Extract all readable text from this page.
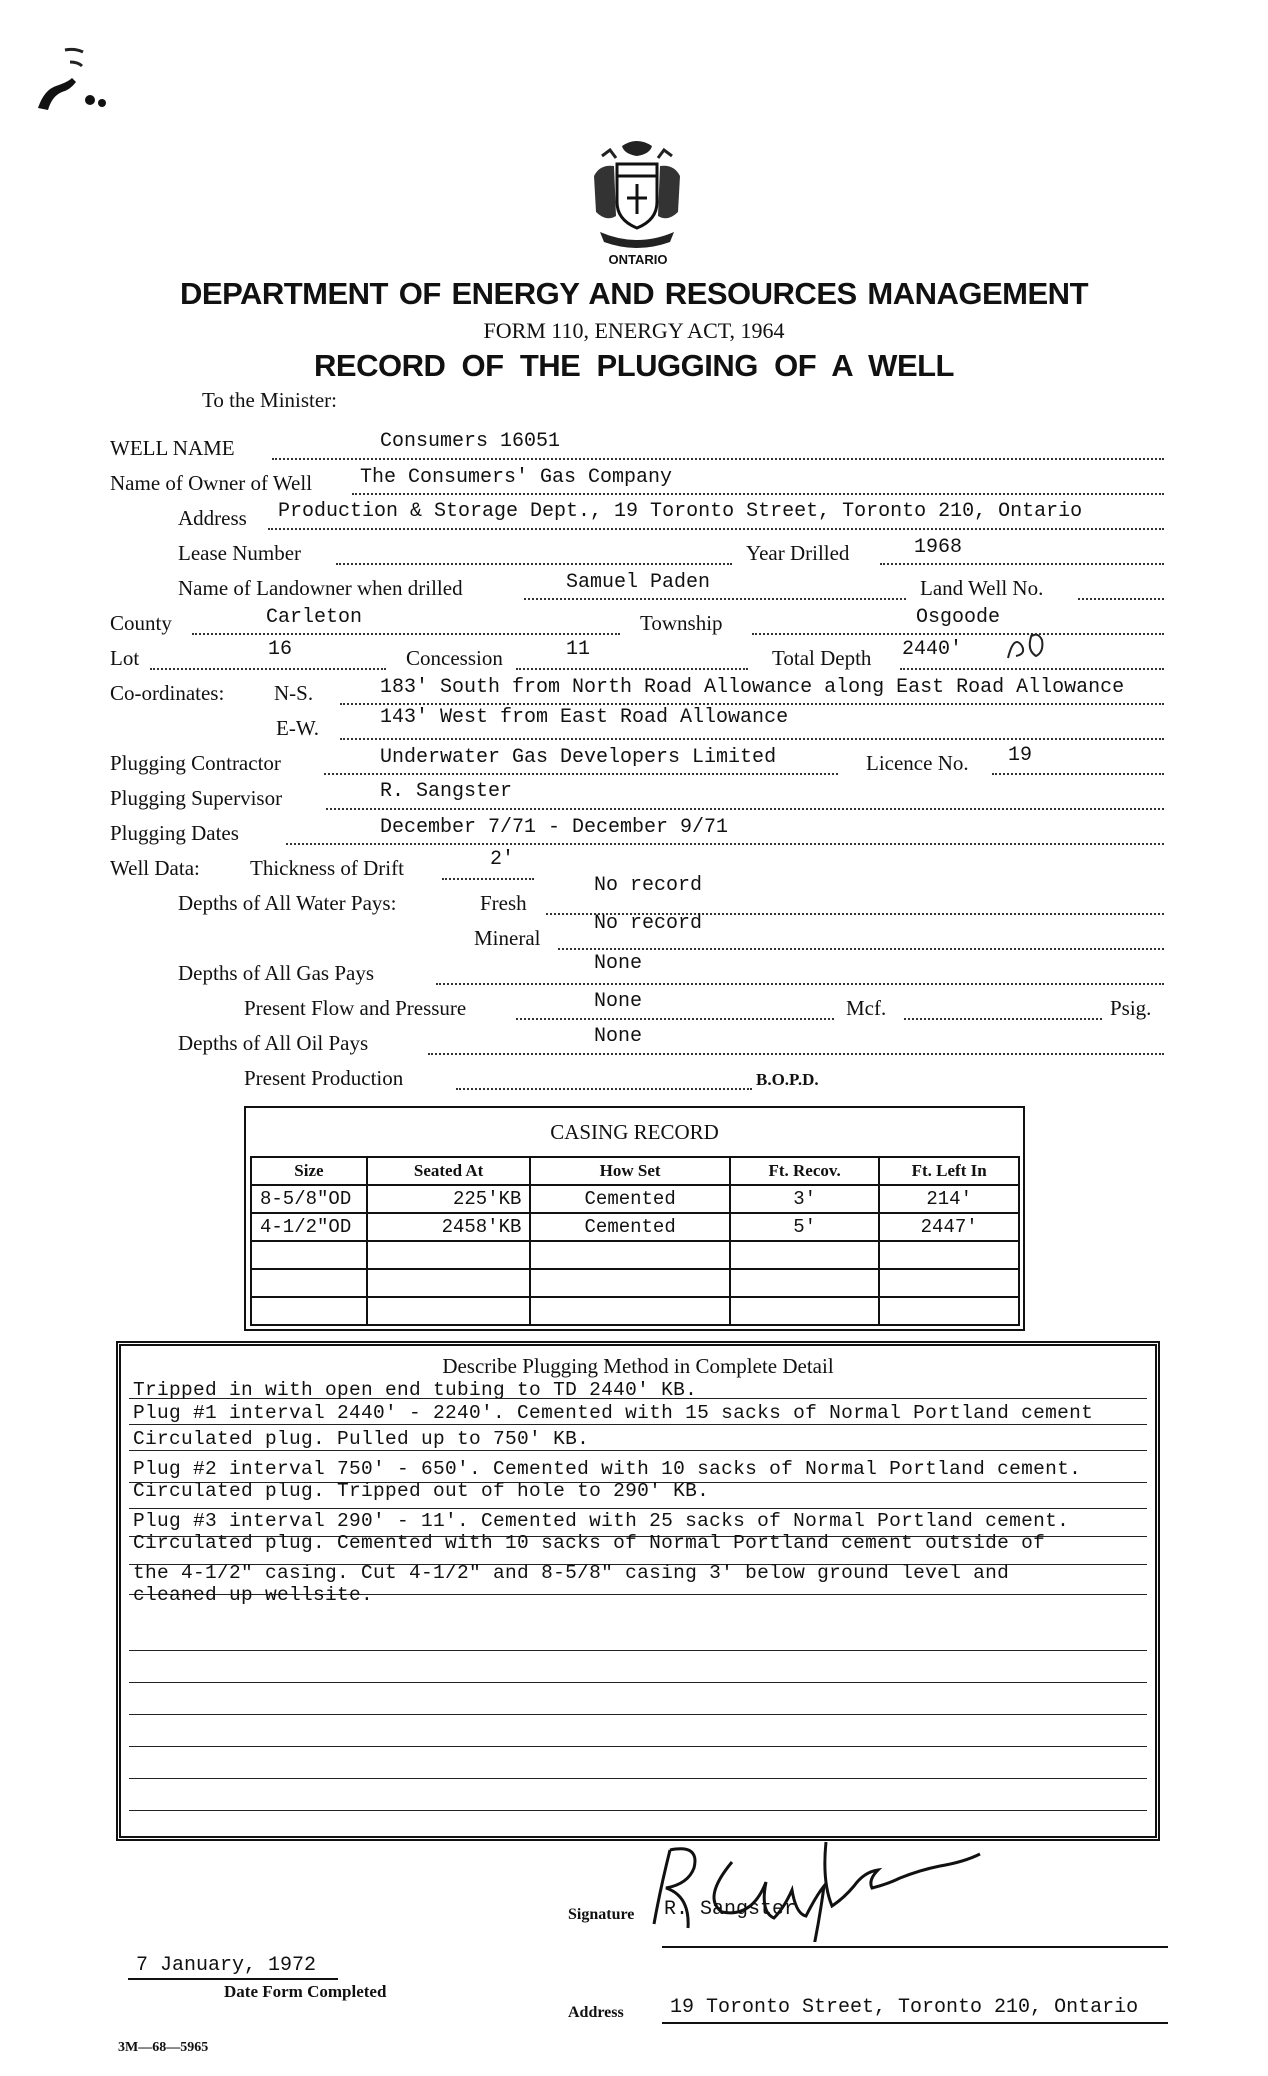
ONTARIO
DEPARTMENT OF ENERGY AND RESOURCES MANAGEMENT
FORM 110, ENERGY ACT, 1964
RECORD OF THE PLUGGING OF A WELL
To the Minister:
WELL NAME	Consumers 16051
Name of Owner of Well The Consumers' Gas Company
Address Production & Storage Dept., 19 Toronto Street, Toronto 210, Ontario
Lease Number	Year Drilled	1968
Name of Landowner when drilled	Samuel Paden	Land Well No.
County	Carleton	Township	Osgoode
Lot	16	Concession	11	Total Depth 2440'
Co-ordinates: N-S.	183' South from North Road Allowance along East Road Allowance
E-W.	143' West from East Road Allowance
Plugging Contractor	Underwater Gas Developers Limited	Licence No. 19
Plugging Supervisor	R. Sangster
Plugging Dates	December 7/71 - December 9/71
Well Data: Thickness of Drift	2'
Depths of All Water Pays:	Fresh
No record
Mineral
No record
Depths of All Gas Pays	None
Present Flow and Pressure	None	Mcf.	Psig.
Depths of All Oil Pays	None
Present Production	B.O.P.D.
CASING RECORD
Size	Seated At	How Set	Ft. Recov.	Ft. Left In
8-5/8"OD	225'KB	Cemented	3'	214'
4-1/2"OD	2458'KB	Cemented	5'	2447'

Describe Plugging Method in Complete Detail
Tripped in with open end tubing to TD 2440' KB.
Plug #1 interval 2440' - 2240'. Cemented with 15 sacks of Normal Portland cement
Circulated plug. Pulled up to 750' KB.
Plug #2 interval 750' - 650'. Cemented with 10 sacks of Normal Portland cement.
Circulated plug. Tripped out of hole to 290' KB.
Plug #3 interval 290' - 11'. Cemented with 25 sacks of Normal Portland cement.
Circulated plug. Cemented with 10 sacks of Normal Portland cement outside of
the 4-1/2" casing. Cut 4-1/2" and 8-5/8" casing 3' below ground level and
cleaned up wellsite.
Signature R. Sangster
7 January, 1972
Date Form Completed
Address 19 Toronto Street, Toronto 210, Ontario
3M—68—5965
